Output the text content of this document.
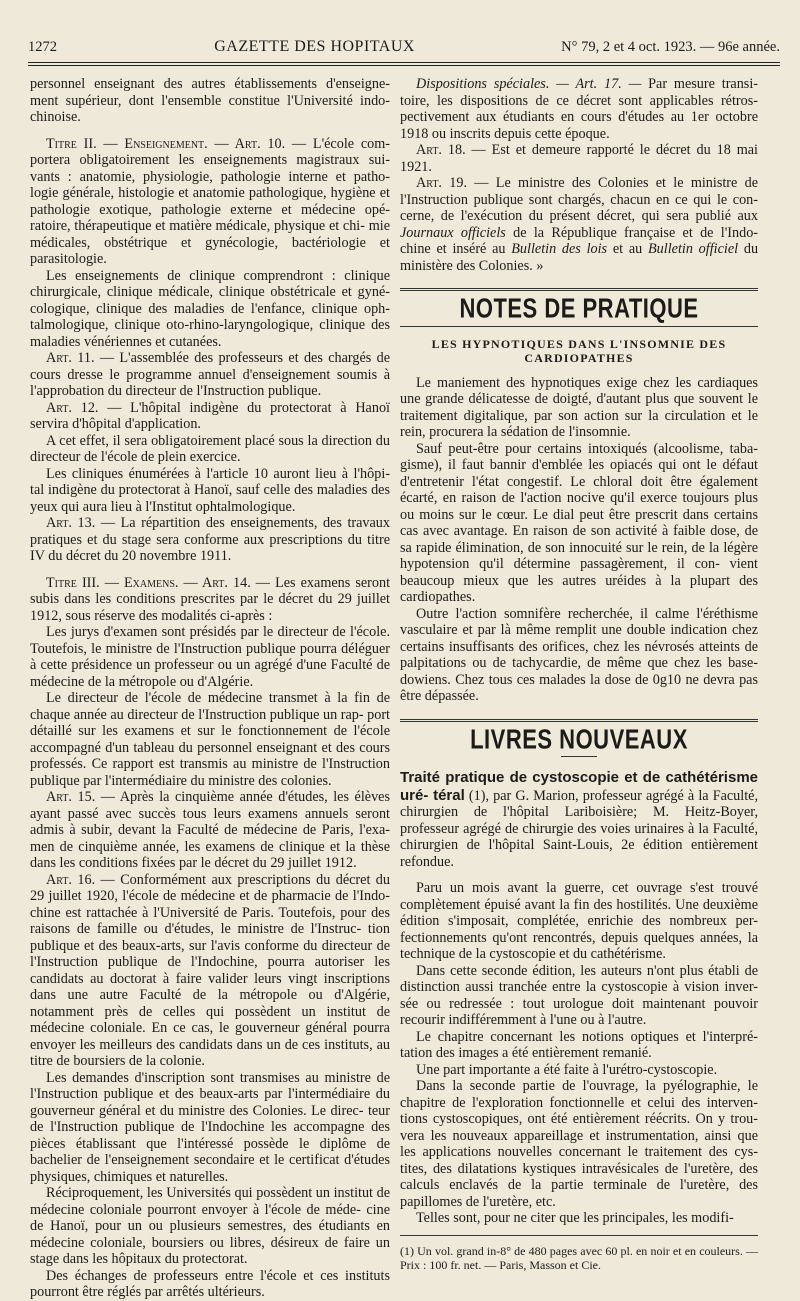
1272	GAZETTE DES HOPITAUX	N° 79, 2 et 4 oct. 1923. — 96e année.

personnel enseignant des autres établissements d'enseigne- ment supérieur, dont l'ensemble constitue l'Université indo- chinoise.

Titre II. — Enseignement. — Art. 10. — L'école com- portera obligatoirement les enseignements magistraux sui- vants : anatomie, physiologie, pathologie interne et patho- logie générale, histologie et anatomie pathologique, hygiène et pathologie exotique, pathologie externe et médecine opé- ratoire, thérapeutique et matière médicale, physique et chi- mie médicales, obstétrique et gynécologie, bactériologie et parasitologie.

Les enseignements de clinique comprendront : clinique chirurgicale, clinique médicale, clinique obstétricale et gyné- cologique, clinique des maladies de l'enfance, clinique oph- talmologique, clinique oto-rhino-laryngologique, clinique des maladies vénériennes et cutanées.

Art. 11. — L'assemblée des professeurs et des chargés de cours dresse le programme annuel d'enseignement soumis à l'approbation du directeur de l'Instruction publique.

Art. 12. — L'hôpital indigène du protectorat à Hanoï servira d'hôpital d'application.

A cet effet, il sera obligatoirement placé sous la direction du directeur de l'école de plein exercice.

Les cliniques énumérées à l'article 10 auront lieu à l'hôpi- tal indigène du protectorat à Hanoï, sauf celle des maladies des yeux qui aura lieu à l'Institut ophtalmologique.

Art. 13. — La répartition des enseignements, des travaux pratiques et du stage sera conforme aux prescriptions du titre IV du décret du 20 novembre 1911.

Titre III. — Examens. — Art. 14. — Les examens seront subis dans les conditions prescrites par le décret du 29 juillet 1912, sous réserve des modalités ci-après :

Les jurys d'examen sont présidés par le directeur de l'école. Toutefois, le ministre de l'Instruction publique pourra déléguer à cette présidence un professeur ou un agrégé d'une Faculté de médecine de la métropole ou d'Algérie.

Le directeur de l'école de médecine transmet à la fin de chaque année au directeur de l'Instruction publique un rap- port détaillé sur les examens et sur le fonctionnement de l'école accompagné d'un tableau du personnel enseignant et des cours professés. Ce rapport est transmis au ministre de l'Instruction publique par l'intermédiaire du ministre des colonies.

Art. 15. — Après la cinquième année d'études, les élèves ayant passé avec succès tous leurs examens annuels seront admis à subir, devant la Faculté de médecine de Paris, l'exa- men de cinquième année, les examens de clinique et la thèse dans les conditions fixées par le décret du 29 juillet 1912.

Art. 16. — Conformément aux prescriptions du décret du 29 juillet 1920, l'école de médecine et de pharmacie de l'Indo- chine est rattachée à l'Université de Paris. Toutefois, pour des raisons de famille ou d'études, le ministre de l'Instruc- tion publique et des beaux-arts, sur l'avis conforme du directeur de l'Instruction publique de l'Indochine, pourra autoriser les candidats au doctorat à faire valider leurs vingt inscriptions dans une autre Faculté de la métropole ou d'Algérie, notamment près de celles qui possèdent un institut de médecine coloniale. En ce cas, le gouverneur général pourra envoyer les meilleurs des candidats dans un de ces instituts, au titre de boursiers de la colonie.

Les demandes d'inscription sont transmises au ministre de l'Instruction publique et des beaux-arts par l'intermédiaire du gouverneur général et du ministre des Colonies. Le direc- teur de l'Instruction publique de l'Indochine les accompagne des pièces établissant que l'intéressé possède le diplôme de bachelier de l'enseignement secondaire et le certificat d'études physiques, chimiques et naturelles.

Réciproquement, les Universités qui possèdent un institut de médecine coloniale pourront envoyer à l'école de méde- cine de Hanoï, pour un ou plusieurs semestres, des étudiants en médecine coloniale, boursiers ou libres, désireux de faire un stage dans les hôpitaux du protectorat.

Des échanges de professeurs entre l'école et ces instituts pourront être réglés par arrêtés ultérieurs.

Dispositions spéciales. — Art. 17. — Par mesure transi- toire, les dispositions de ce décret sont applicables rétros- pectivement aux étudiants en cours d'études au 1er octobre 1918 ou inscrits depuis cette époque.

Art. 18. — Est et demeure rapporté le décret du 18 mai 1921.

Art. 19. — Le ministre des Colonies et le ministre de l'Instruction publique sont chargés, chacun en ce qui le con- cerne, de l'exécution du présent décret, qui sera publié aux Journaux officiels de la République française et de l'Indo- chine et inséré au Bulletin des lois et au Bulletin officiel du ministère des Colonies. »

NOTES DE PRATIQUE
LES HYPNOTIQUES DANS L'INSOMNIE DES CARDIOPATHES

Le maniement des hypnotiques exige chez les cardiaques une grande délicatesse de doigté, d'autant plus que souvent le traitement digitalique, par son action sur la circulation et le rein, procurera la sédation de l'insomnie.

Sauf peut-être pour certains intoxiqués (alcoolisme, taba- gisme), il faut bannir d'emblée les opiacés qui ont le défaut d'entretenir l'état congestif. Le chloral doit être également écarté, en raison de l'action nocive qu'il exerce toujours plus ou moins sur le cœur. Le dial peut être prescrit dans certains cas avec avantage. En raison de son activité à faible dose, de sa rapide élimination, de son innocuité sur le rein, de la légère hypotension qu'il détermine passagèrement, il con- vient beaucoup mieux que les autres uréides à la plupart des cardiopathes.

Outre l'action somnifère recherchée, il calme l'éréthisme vasculaire et par là même remplit une double indication chez certains insuffisants des orifices, chez les névrosés atteints de palpitations ou de tachycardie, de même que chez les base- dowiens. Chez tous ces malades la dose de 0g10 ne devra pas être dépassée.

LIVRES NOUVEAUX

Traité pratique de cystoscopie et de cathétérisme uré- téral (1), par G. Marion, professeur agrégé à la Faculté, chirurgien de l'hôpital Lariboisière; M. Heitz-Boyer, professeur agrégé de chirurgie des voies urinaires à la Faculté, chirurgien de l'hôpital Saint-Louis, 2e édition entièrement refondue.

Paru un mois avant la guerre, cet ouvrage s'est trouvé complètement épuisé avant la fin des hostilités. Une deuxième édition s'imposait, complétée, enrichie des nombreux per- fectionnements qu'ont rencontrés, depuis quelques années, la technique de la cystoscopie et du cathétérisme.

Dans cette seconde édition, les auteurs n'ont plus établi de distinction aussi tranchée entre la cystoscopie à vision inver- sée ou redressée : tout urologue doit maintenant pouvoir recourir indifféremment à l'une ou à l'autre.

Le chapitre concernant les notions optiques et l'interpré- tation des images a été entièrement remanié.

Une part importante a été faite à l'urétro-cystoscopie.

Dans la seconde partie de l'ouvrage, la pyélographie, le chapitre de l'exploration fonctionnelle et celui des interven- tions cystoscopiques, ont été entièrement réécrits. On y trou- vera les nouveaux appareillage et instrumentation, ainsi que les applications nouvelles concernant le traitement des cys- tites, des dilatations kystiques intravésicales de l'uretère, des calculs enclavés de la partie terminale de l'uretère, des papillomes de l'uretère, etc.

Telles sont, pour ne citer que les principales, les modifi-

(1) Un vol. grand in-8° de 480 pages avec 60 pl. en noir et en couleurs. — Prix : 100 fr. net. — Paris, Masson et Cie.
